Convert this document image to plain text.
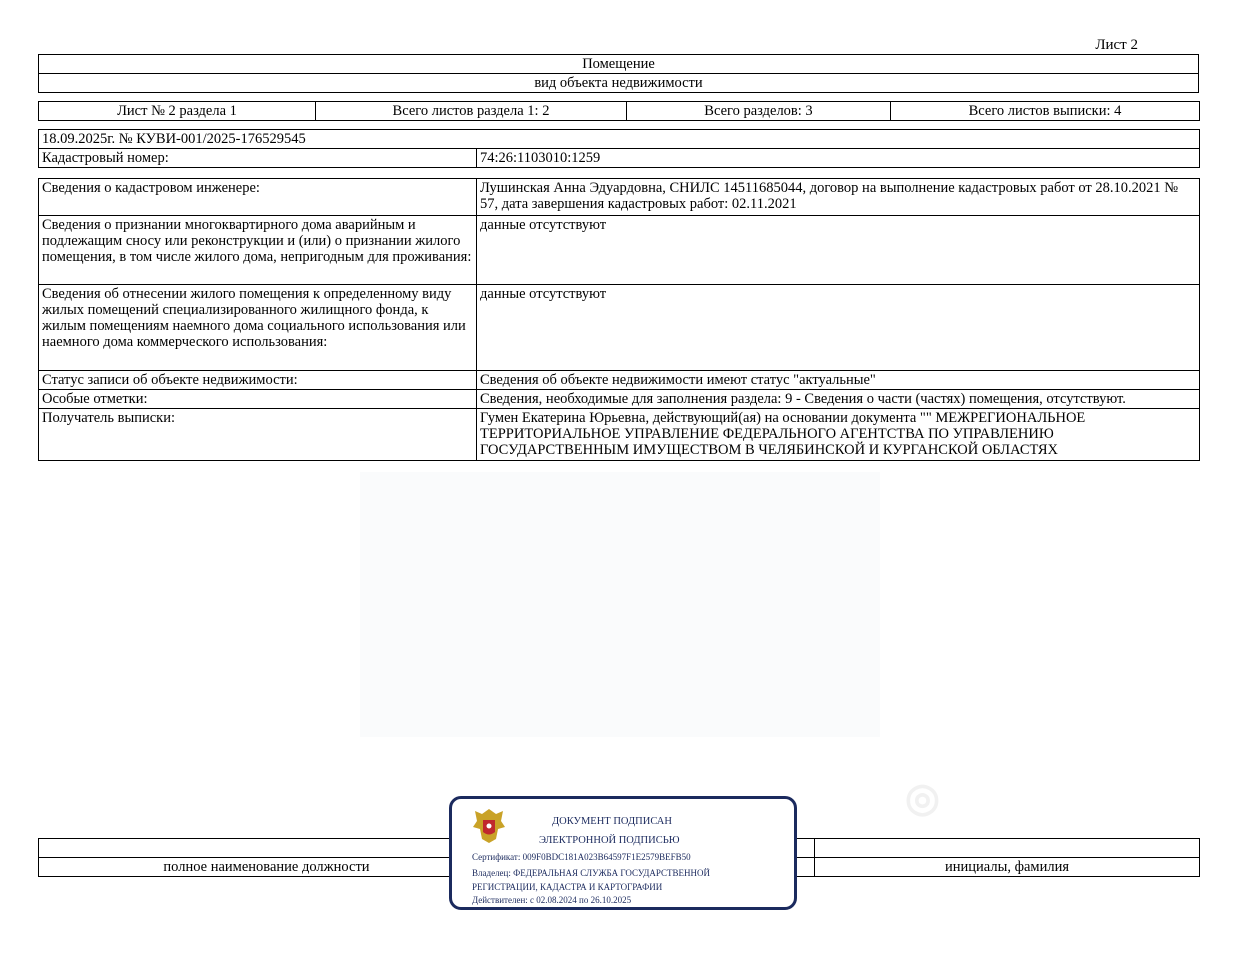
Лист 2
Помещение
вид объекта недвижимости
Лист № 2 раздела 1	Всего листов раздела 1: 2	Всего разделов: 3	Всего листов выписки: 4
18.09.2025г. № КУВИ-001/2025-176529545
Кадастровый номер:	74:26:1103010:1259
Сведения о кадастровом инженере:	Лушинская Анна Эдуардовна, СНИЛС 14511685044, договор на выполнение кадастровых работ от 28.10.2021 № 57, дата завершения кадастровых работ: 02.11.2021
Сведения о признании многоквартирного дома аварийным и подлежащим сносу или реконструкции и (или) о признании жилого помещения, в том числе жилого дома, непригодным для проживания:	данные отсутствуют
Сведения об отнесении жилого помещения к определенному виду жилых помещений специализированного жилищного фонда, к жилым помещениям наемного дома социального использования или наемного дома коммерческого использования:	данные отсутствуют
Статус записи об объекте недвижимости:	Сведения об объекте недвижимости имеют статус "актуальные"
Особые отметки:	Сведения, необходимые для заполнения раздела: 9 - Сведения о части (частях) помещения, отсутствуют.
Получатель выписки:	Гумен Екатерина Юрьевна, действующий(ая) на основании документа "" МЕЖРЕГИОНАЛЬНОЕ ТЕРРИТОРИАЛЬНОЕ УПРАВЛЕНИЕ ФЕДЕРАЛЬНОГО АГЕНТСТВА ПО УПРАВЛЕНИЮ ГОСУДАРСТВЕННЫМ ИМУЩЕСТВОМ В ЧЕЛЯБИНСКОЙ И КУРГАНСКОЙ ОБЛАСТЯХ

полное наименование должности		инициалы, фамилия
◎
ДОКУМЕНТ ПОДПИСАН
ЭЛЕКТРОННОЙ ПОДПИСЬЮ
Сертификат: 009F0BDC181A023B64597F1E2579BEFB50
Владелец: ФЕДЕРАЛЬНАЯ СЛУЖБА ГОСУДАРСТВЕННОЙ
РЕГИСТРАЦИИ, КАДАСТРА И КАРТОГРАФИИ
Действителен: с 02.08.2024 по 26.10.2025
